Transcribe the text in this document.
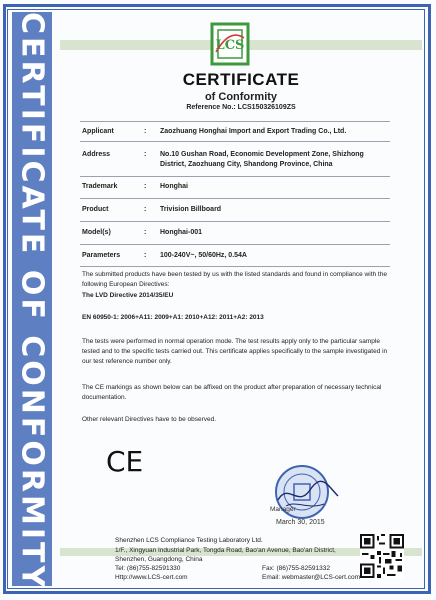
CERTIFICATE OF CONFORMITY	LCS
CERTIFICATE
of Conformity
Reference No.: LCS150326109ZS
Applicant	: Zaozhuang Honghai Import and Export Trading Co., Ltd.
Address	: No.10 Gushan Road, Economic Development Zone, Shizhong District, Zaozhuang City, Shandong Province, China
Trademark	: Honghai
Product	: Trivision Billboard
Model(s)	: Honghai-001
Parameters	: 100-240V~, 50/60Hz, 0.54A

The submitted products have been tested by us with the listed standards and found in compliance with the following European Directives:

The LVD Directive 2014/35/EU

EN 60950-1: 2006+A11: 2009+A1: 2010+A12: 2011+A2: 2013

The tests were performed in normal operation mode. The test results apply only to the particular sample tested and to the specific tests carried out. This certificate applies specifically to the sample investigated in our test reference number only.

The CE markings as shown below can be affixed on the product after preparation of necessary technical documentation.

Other relevant Directives have to be observed.

CE
Manager
March 30, 2015
Shenzhen LCS Compliance Testing Laboratory Ltd.
1/F., Xingyuan Industrial Park, Tongda Road, Bao'an Avenue, Bao'an District,
Shenzhen, Guangdong, China
Tel: (86)755-82591330	Fax: (86)755-82591332
Http://www.LCS-cert.com	Email: webmaster@LCS-cert.com
